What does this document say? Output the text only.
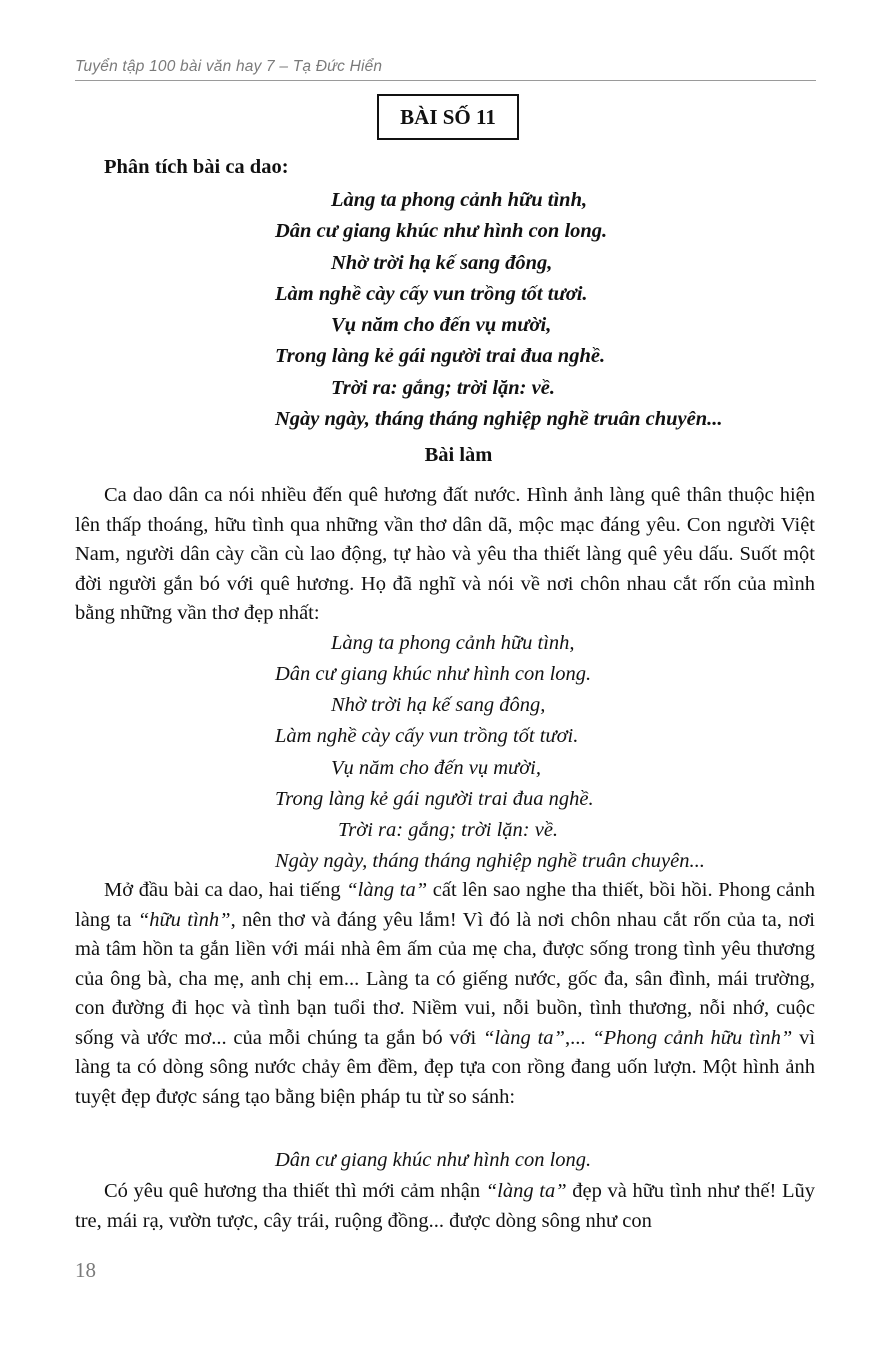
Tuyển tập 100 bài văn hay 7 – Tạ Đức Hiển
BÀI SỐ 11
Phân tích bài ca dao:
Làng ta phong cảnh hữu tình,
Dân cư giang khúc như hình con long.
Nhờ trời hạ kế sang đông,
Làm nghề cày cấy vun trồng tốt tươi.
Vụ năm cho đến vụ mười,
Trong làng kẻ gái người trai đua nghề.
Trời ra: gắng; trời lặn: về.
Ngày ngày, tháng tháng nghiệp nghề truân chuyên...
Bài làm
Ca dao dân ca nói nhiều đến quê hương đất nước. Hình ảnh làng quê thân thuộc hiện lên thấp thoáng, hữu tình qua những vần thơ dân dã, mộc mạc đáng yêu. Con người Việt Nam, người dân cày cần cù lao động, tự hào và yêu tha thiết làng quê yêu dấu. Suốt một đời người gắn bó với quê hương. Họ đã nghĩ và nói về nơi chôn nhau cắt rốn của mình bằng những vần thơ đẹp nhất:
Làng ta phong cảnh hữu tình,
Dân cư giang khúc như hình con long.
Nhờ trời hạ kế sang đông,
Làm nghề cày cấy vun trồng tốt tươi.
Vụ năm cho đến vụ mười,
Trong làng kẻ gái người trai đua nghề.
Trời ra: gắng; trời lặn: về.
Ngày ngày, tháng tháng nghiệp nghề truân chuyên...
Mở đầu bài ca dao, hai tiếng “làng ta” cất lên sao nghe tha thiết, bồi hồi. Phong cảnh làng ta “hữu tình”, nên thơ và đáng yêu lắm! Vì đó là nơi chôn nhau cắt rốn của ta, nơi mà tâm hồn ta gắn liền với mái nhà êm ấm của mẹ cha, được sống trong tình yêu thương của ông bà, cha mẹ, anh chị em... Làng ta có giếng nước, gốc đa, sân đình, mái trường, con đường đi học và tình bạn tuổi thơ. Niềm vui, nỗi buồn, tình thương, nỗi nhớ, cuộc sống và ước mơ... của mỗi chúng ta gắn bó với “làng ta”,... “Phong cảnh hữu tình” vì làng ta có dòng sông nước chảy êm đềm, đẹp tựa con rồng đang uốn lượn. Một hình ảnh tuyệt đẹp được sáng tạo bằng biện pháp tu từ so sánh:
Dân cư giang khúc như hình con long.
Có yêu quê hương tha thiết thì mới cảm nhận “làng ta” đẹp và hữu tình như thế! Lũy tre, mái rạ, vườn tược, cây trái, ruộng đồng... được dòng sông như con
18
